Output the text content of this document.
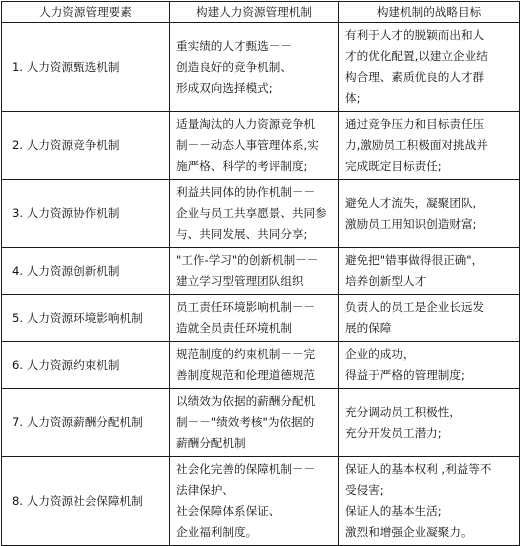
人力资源管理要素	构建人力资源管理机制	构建机制的战略目标
1. 人力资源甄选机制	重实绩的人才甄选－－
创造良好的竞争机制、
形成双向选择模式;	有利于人才的脱颖而出和人
才的优化配置,以建立企业结
构合理、素质优良的人才群
体;

2. 人力资源竞争机制	适量淘汰的人力资源竞争机
制－－动态人事管理体系,实
施严格、科学的考评制度;	通过竞争压力和目标责任压
力,激励员工积极面对挑战并
完成既定目标责任;

3. 人力资源协作机制	利益共同体的协作机制－－
企业与员工共享愿景、共同参
与、共同发展、共同分享;	避免人才流失，凝聚团队,
激励员工用知识创造财富;

4. 人力资源创新机制	"工作-学习"的创新机制－－
建立学习型管理团队组织	避免把"错事做得很正确"，
培养创新型人才

5. 人力资源环境影响机制	员工责任环境影响机制－－
造就全员责任环境机制	负责人的员工是企业长远发
展的保障

6. 人力资源约束机制	规范制度的约束机制－－完
善制度规范和伦理道德规范	企业的成功，
得益于严格的管理制度;

7. 人力资源薪酬分配机制	以绩效为依据的薪酬分配机
制－－"绩效考核"为依据的
薪酬分配机制	充分调动员工积极性，
充分开发员工潜力;

8. 人力资源社会保障机制	社会化完善的保障机制－－
法律保护、
社会保障体系保证、
企业福利制度。	保证人的基本权利 ,利益等不
受侵害;
保证人的基本生活;
激烈和增强企业凝聚力。
